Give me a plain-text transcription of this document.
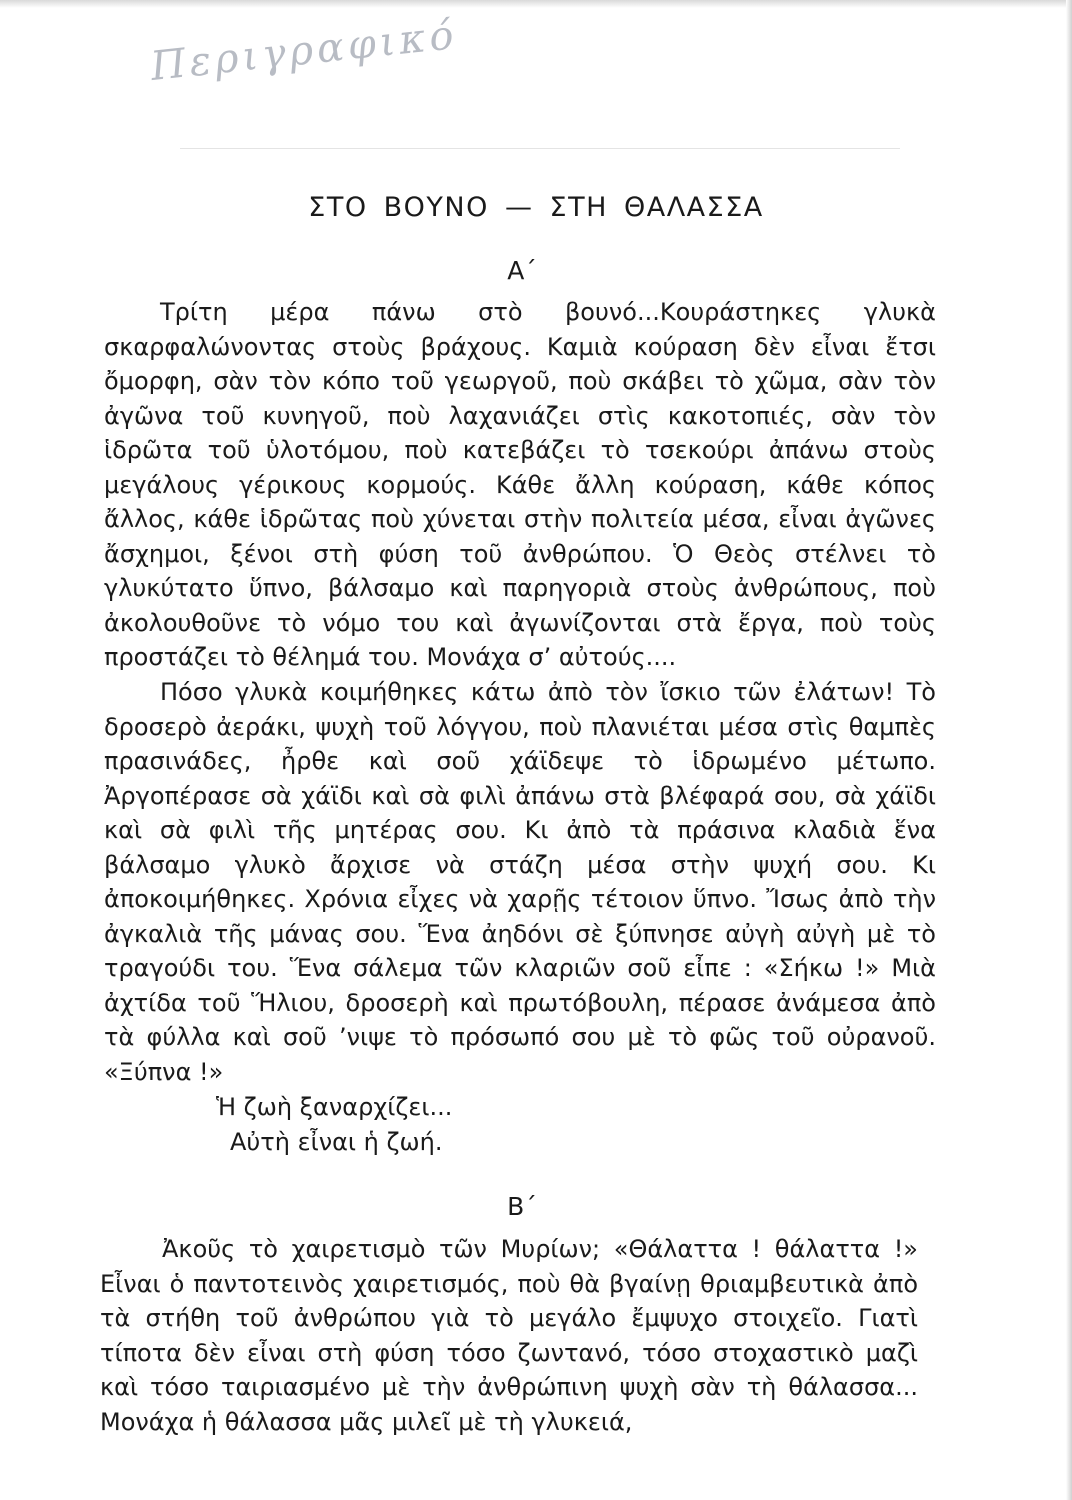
Περιγραφικό
ΣΤΟ ΒΟΥΝΟ — ΣΤΗ ΘΑΛΑΣΣΑ
Α΄

Τρίτη μέρα πάνω στὸ βουνό...Κουράστηκες γλυκὰ σκαρφαλώνοντας στοὺς βράχους. Καμιὰ κούραση δὲν εἶναι ἔτσι ὄμορφη, σὰν τὸν κόπο τοῦ γεωργοῦ, ποὺ σκάβει τὸ χῶμα, σὰν τὸν ἀγῶνα τοῦ κυνηγοῦ, ποὺ λαχανιάζει στὶς κακοτοπιές, σὰν τὸν ἱδρῶτα τοῦ ὑλοτόμου, ποὺ κατεβάζει τὸ τσεκούρι ἀπάνω στοὺς μεγάλους γέρικους κορμούς. Κάθε ἄλλη κούραση, κάθε κόπος ἄλλος, κάθε ἱδρῶτας ποὺ χύνεται στὴν πολιτεία μέσα, εἶναι ἀγῶνες ἄσχημοι, ξένοι στὴ φύση τοῦ ἀνθρώπου. Ὁ Θεὸς στέλνει τὸ γλυκύτατο ὕπνο, βάλσαμο καὶ παρηγοριὰ στοὺς ἀνθρώπους, ποὺ ἀκολουθοῦνε τὸ νόμο του καὶ ἀγωνίζονται στὰ ἔργα, ποὺ τοὺς προστάζει τὸ θέλημά του. Μονάχα σ’ αὐτούς....

Πόσο γλυκὰ κοιμήθηκες κάτω ἀπὸ τὸν ἴσκιο τῶν ἐλάτων! Τὸ δροσερὸ ἀεράκι, ψυχὴ τοῦ λόγγου, ποὺ πλανιέται μέσα στὶς θαμπὲς πρασινάδες, ἦρθε καὶ σοῦ χάϊδεψε τὸ ἱδρωμένο μέτωπο. Ἀργοπέρασε σὰ χάϊδι καὶ σὰ φιλὶ ἀπάνω στὰ βλέφαρά σου, σὰ χάϊδι καὶ σὰ φιλὶ τῆς μητέρας σου. Κι ἀπὸ τὰ πράσινα κλαδιὰ ἕνα βάλσαμο γλυκὸ ἄρχισε νὰ στάζη μέσα στὴν ψυχή σου. Κι ἀποκοιμήθηκες. Χρόνια εἶχες νὰ χαρῇς τέτοιον ὕπνο. Ἴσως ἀπὸ τὴν ἀγκαλιὰ τῆς μάνας σου. Ἕνα ἀηδόνι σὲ ξύπνησε αὐγὴ αὐγὴ μὲ τὸ τραγούδι του. Ἕνα σάλεμα τῶν κλαριῶν σοῦ εἶπε : «Σήκω !» Μιὰ ἀχτίδα τοῦ Ἥλιου, δροσερὴ καὶ πρωτόβουλη, πέρασε ἀνάμεσα ἀπὸ τὰ φύλλα καὶ σοῦ ’νιψε τὸ πρόσωπό σου μὲ τὸ φῶς τοῦ οὐρανοῦ. «Ξύπνα !»

Ἡ ζωὴ ξαναρχίζει...
Αὐτὴ εἶναι ἡ ζωή.
Β΄

Ἀκοῦς τὸ χαιρετισμὸ τῶν Μυρίων; «Θάλαττα ! θάλαττα !» Εἶναι ὁ παντοτεινὸς χαιρετισμός, ποὺ θὰ βγαίνῃ θριαμβευτικὰ ἀπὸ τὰ στήθη τοῦ ἀνθρώπου γιὰ τὸ μεγάλο ἔμψυχο στοιχεῖο. Γιατὶ τίποτα δὲν εἶναι στὴ φύση τόσο ζωντανό, τόσο στοχαστικὸ μαζὶ καὶ τόσο ταιριασμένο μὲ τὴν ἀνθρώπινη ψυχὴ σὰν τὴ θάλασσα... Μονάχα ἡ θάλασσα μᾶς μιλεῖ μὲ τὴ γλυκειά,
